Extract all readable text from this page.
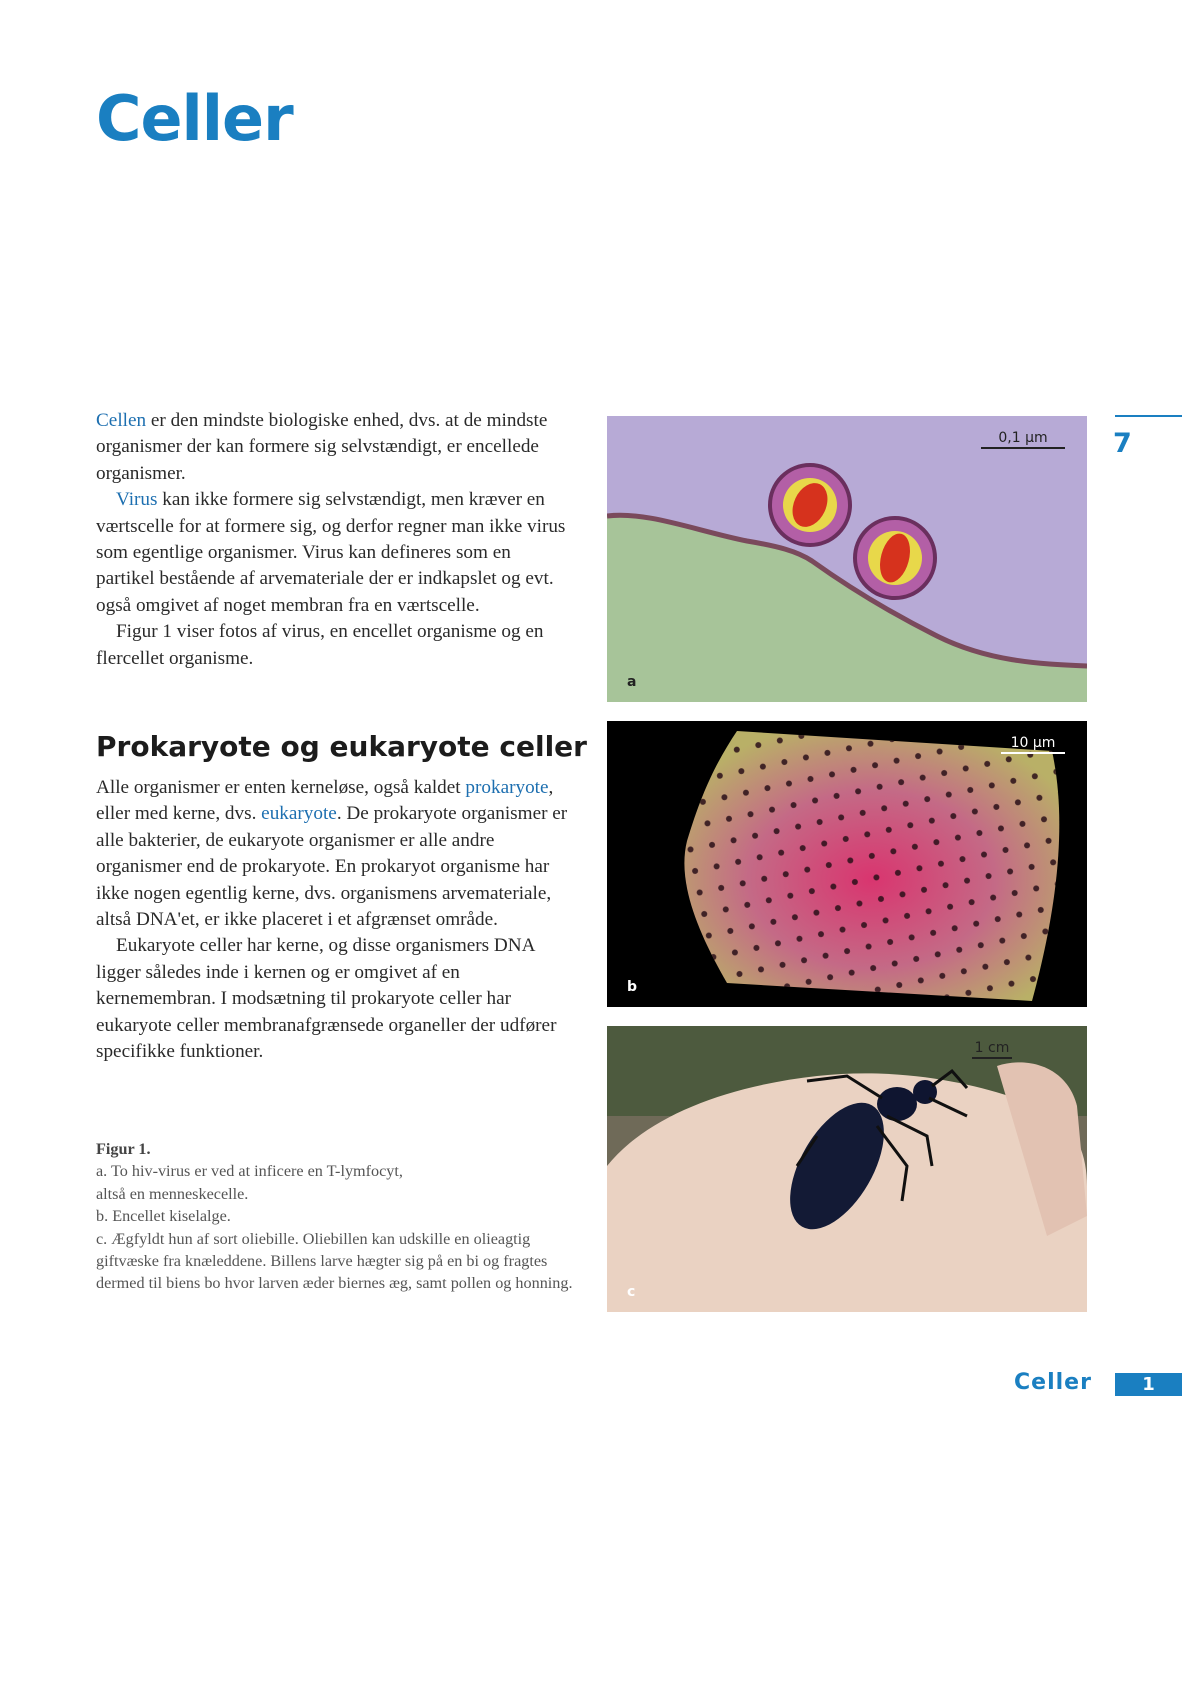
Celler

Cellen er den mindste biologiske enhed, dvs. at de mindste organismer der kan formere sig selvstændigt, er encellede organismer.

Virus kan ikke formere sig selvstændigt, men kræver en værtscelle for at formere sig, og derfor regner man ikke virus som egentlige organismer. Virus kan defineres som en partikel bestående af arvemateriale der er indkapslet og evt. også omgivet af noget membran fra en værtscelle.

Figur 1 viser fotos af virus, en encellet organisme og en flercellet organisme.

Prokaryote og eukaryote celler

Alle organismer er enten kerneløse, også kaldet prokaryote, eller med kerne, dvs. eukaryote. De prokaryote organismer er alle bakterier, de eukaryote organismer er alle andre organismer end de prokaryote. En prokaryot organisme har ikke nogen egentlig kerne, dvs. organismens arvemateriale, altså DNA'et, er ikke placeret i et afgrænset område.

Eukaryote celler har kerne, og disse organismers DNA ligger således inde i kernen og er omgivet af en kernemembran. I modsætning til prokaryote celler har eukaryote celler membranafgrænsede organeller der udfører specifikke funktioner.

Figur 1.
a. To hiv-virus er ved at inficere en T-lymfocyt,
altså en menneskecelle.
b. Encellet kiselalge.
c. Ægfyldt hun af sort oliebille. Oliebillen kan udskille en olieagtig giftvæske fra knæleddene. Billens larve hægter sig på en bi og fragtes dermed til biens bo hvor larven æder biernes æg, samt pollen og honning.
0,1 µm
a
10 µm
b
1 cm
c
7
Celler	1
